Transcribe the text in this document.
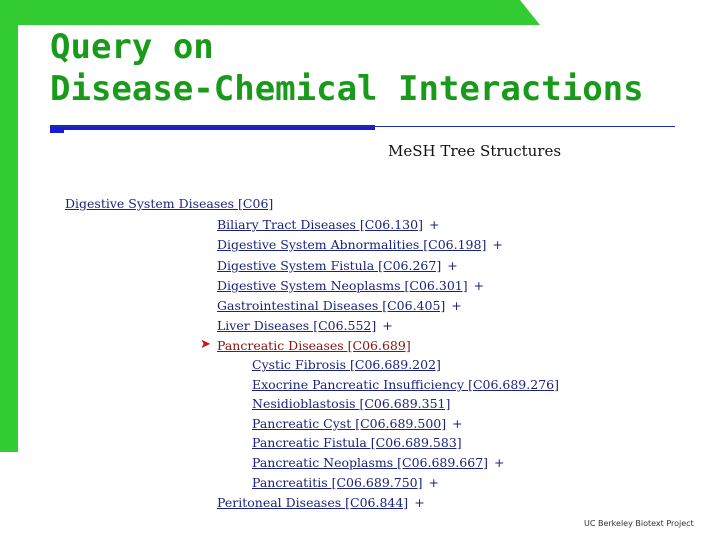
Query on
Disease-Chemical Interactions
MeSH Tree Structures
Digestive System Diseases [C06]
Biliary Tract Diseases [C06.130] +
Digestive System Abnormalities [C06.198] +
Digestive System Fistula [C06.267] +
Digestive System Neoplasms [C06.301] +
Gastrointestinal Diseases [C06.405] +
Liver Diseases [C06.552] +
➤ Pancreatic Diseases [C06.689]
Cystic Fibrosis [C06.689.202]
Exocrine Pancreatic Insufficiency [C06.689.276]
Nesidioblastosis [C06.689.351]
Pancreatic Cyst [C06.689.500] +
Pancreatic Fistula [C06.689.583]
Pancreatic Neoplasms [C06.689.667] +
Pancreatitis [C06.689.750] +
Peritoneal Diseases [C06.844] +
UC Berkeley Biotext Project
